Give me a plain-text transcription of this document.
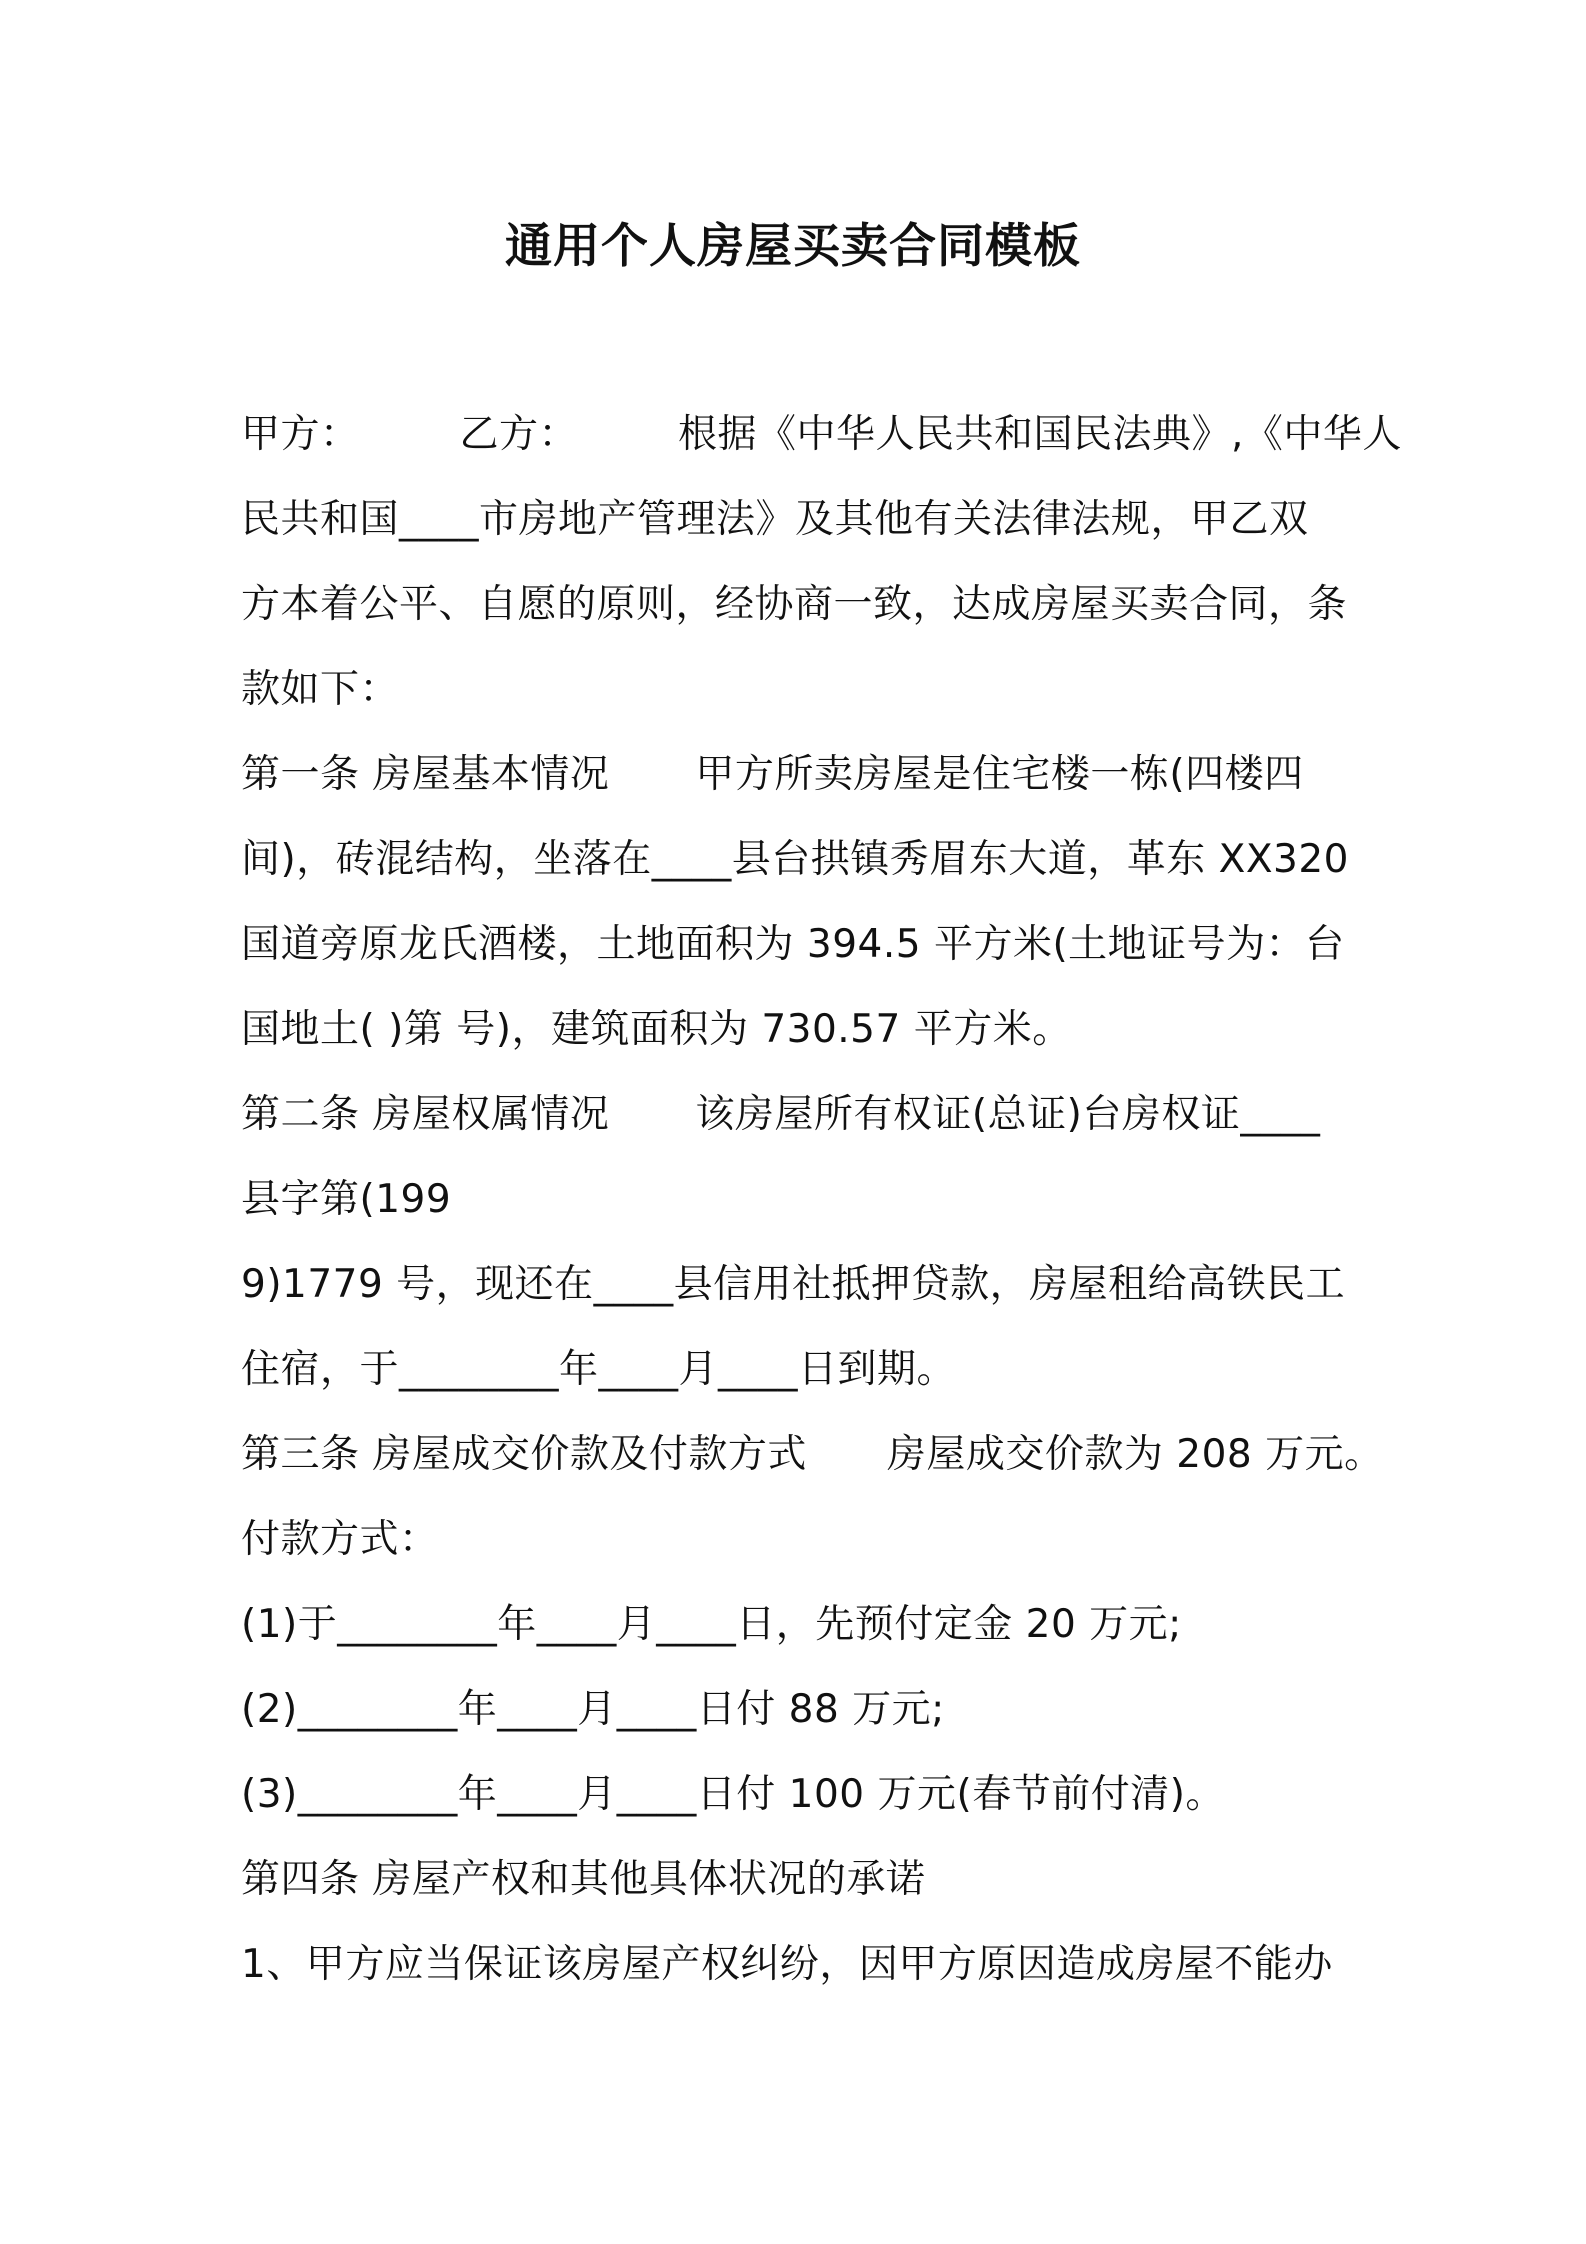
通用个人房屋买卖合同模板

甲方：	乙方：	根据《中华人民共和国民法典》,《中华人

民共和国____市房地产管理法》及其他有关法律法规，甲乙双

方本着公平、自愿的原则，经协商一致，达成房屋买卖合同，条

款如下：

第一条 房屋基本情况 甲方所卖房屋是住宅楼一栋(四楼四

间)，砖混结构，坐落在____县台拱镇秀眉东大道，革东 XX320

国道旁原龙氏酒楼，土地面积为 394.5 平方米(土地证号为：台

国地土( )第 号)，建筑面积为 730.57 平方米。

第二条 房屋权属情况 该房屋所有权证(总证)台房权证____

县字第(199

9)1779 号，现还在____县信用社抵押贷款，房屋租给高铁民工

住宿，于________年____月____日到期。

第三条 房屋成交价款及付款方式 房屋成交价款为 208 万元。

付款方式：

(1)于________年____月____日，先预付定金 20 万元;

(2)________年____月____日付 88 万元;

(3)________年____月____日付 100 万元(春节前付清)。

第四条 房屋产权和其他具体状况的承诺

1、甲方应当保证该房屋产权纠纷，因甲方原因造成房屋不能办
